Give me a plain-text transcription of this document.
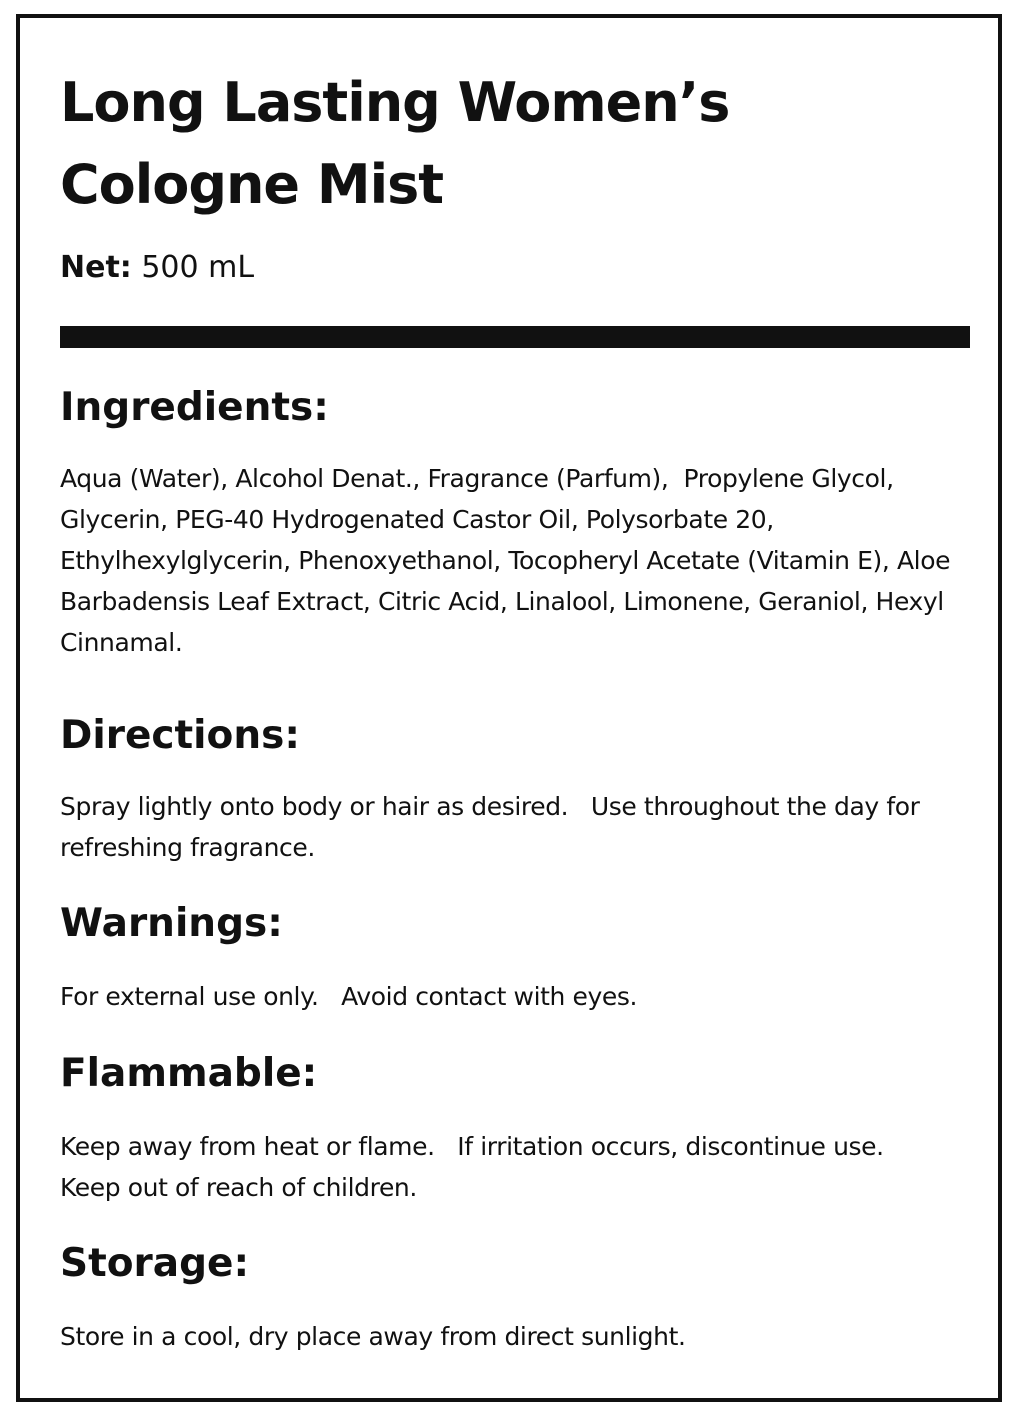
Long Lasting Women’s Cologne Mist

Net: 500 mL

Ingredients:

Aqua (Water), Alcohol Denat., Fragrance (Parfum),  Propylene Glycol, Glycerin, PEG-40 Hydrogenated Castor Oil, Polysorbate 20, Ethylhexylglycerin, Phenoxyethanol, Tocopheryl Acetate (Vitamin E), Aloe Barbadensis Leaf Extract, Citric Acid, Linalool, Limonene, Geraniol, Hexyl Cinnamal.

Directions:

Spray lightly onto body or hair as desired.   Use throughout the day for refreshing fragrance.

Warnings:

For external use only.   Avoid contact with eyes.

Flammable:

Keep away from heat or flame.   If irritation occurs, discontinue use.   Keep out of reach of children.

Storage:

Store in a cool, dry place away from direct sunlight.
